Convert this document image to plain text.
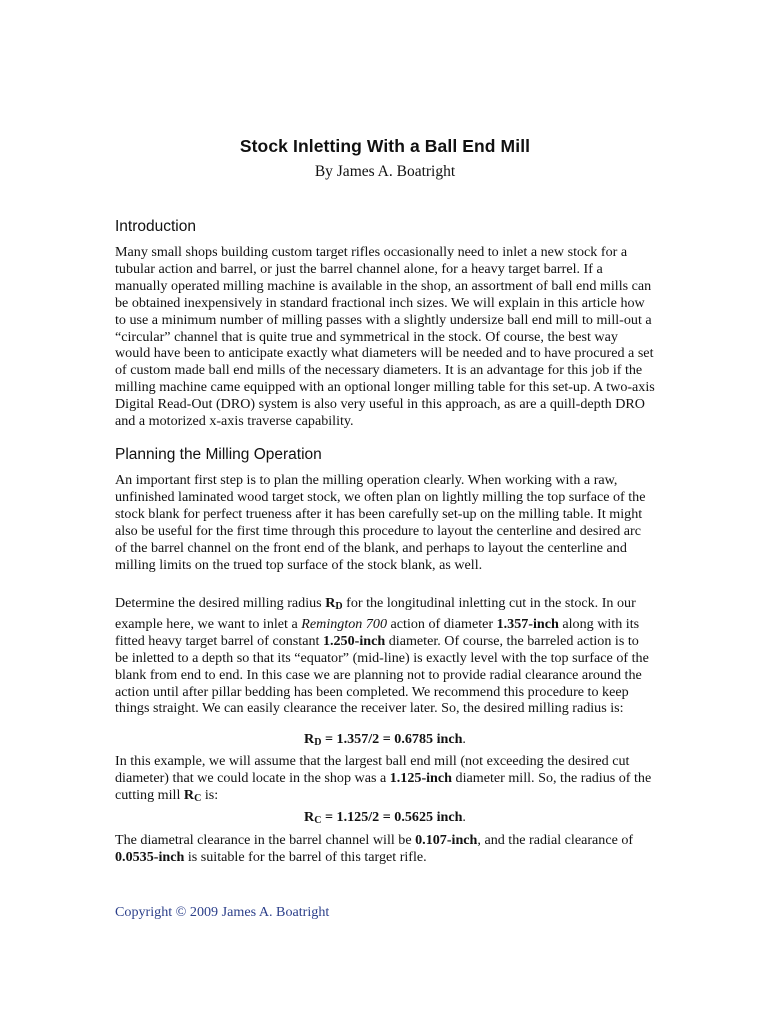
Stock Inletting With a Ball End Mill
By James A. Boatright
Introduction
Many small shops building custom target rifles occasionally need to inlet a new stock for a tubular action and barrel, or just the barrel channel alone, for a heavy target barrel. If a manually operated milling machine is available in the shop, an assortment of ball end mills can be obtained inexpensively in standard fractional inch sizes. We will explain in this article how to use a minimum number of milling passes with a slightly undersize ball end mill to mill-out a “circular” channel that is quite true and symmetrical in the stock. Of course, the best way would have been to anticipate exactly what diameters will be needed and to have procured a set of custom made ball end mills of the necessary diameters. It is an advantage for this job if the milling machine came equipped with an optional longer milling table for this set-up. A two-axis Digital Read-Out (DRO) system is also very useful in this approach, as are a quill-depth DRO and a motorized x-axis traverse capability.
Planning the Milling Operation
An important first step is to plan the milling operation clearly. When working with a raw, unfinished laminated wood target stock, we often plan on lightly milling the top surface of the stock blank for perfect trueness after it has been carefully set-up on the milling table. It might also be useful for the first time through this procedure to layout the centerline and desired arc of the barrel channel on the front end of the blank, and perhaps to layout the centerline and milling limits on the trued top surface of the stock blank, as well.
Determine the desired milling radius $R_D$ for the longitudinal inletting cut in the stock. In our example here, we want to inlet a Remington 700 action of diameter 1.357-inch along with its fitted heavy target barrel of constant 1.250-inch diameter. Of course, the barreled action is to be inletted to a depth so that its “equator” (mid-line) is exactly level with the top surface of the blank from end to end. In this case we are planning not to provide radial clearance around the action until after pillar bedding has been completed. We recommend this procedure to keep things straight. We can easily clearance the receiver later. So, the desired milling radius is:
$R_D = 1.357/2 = 0.6785$ inch.
In this example, we will assume that the largest ball end mill (not exceeding the desired cut diameter) that we could locate in the shop was a 1.125-inch diameter mill. So, the radius of the cutting mill $R_C$ is:
$R_C = 1.125/2 = 0.5625$ inch.
The diametral clearance in the barrel channel will be 0.107-inch, and the radial clearance of 0.0535-inch is suitable for the barrel of this target rifle.
Copyright © 2009 James A. Boatright
